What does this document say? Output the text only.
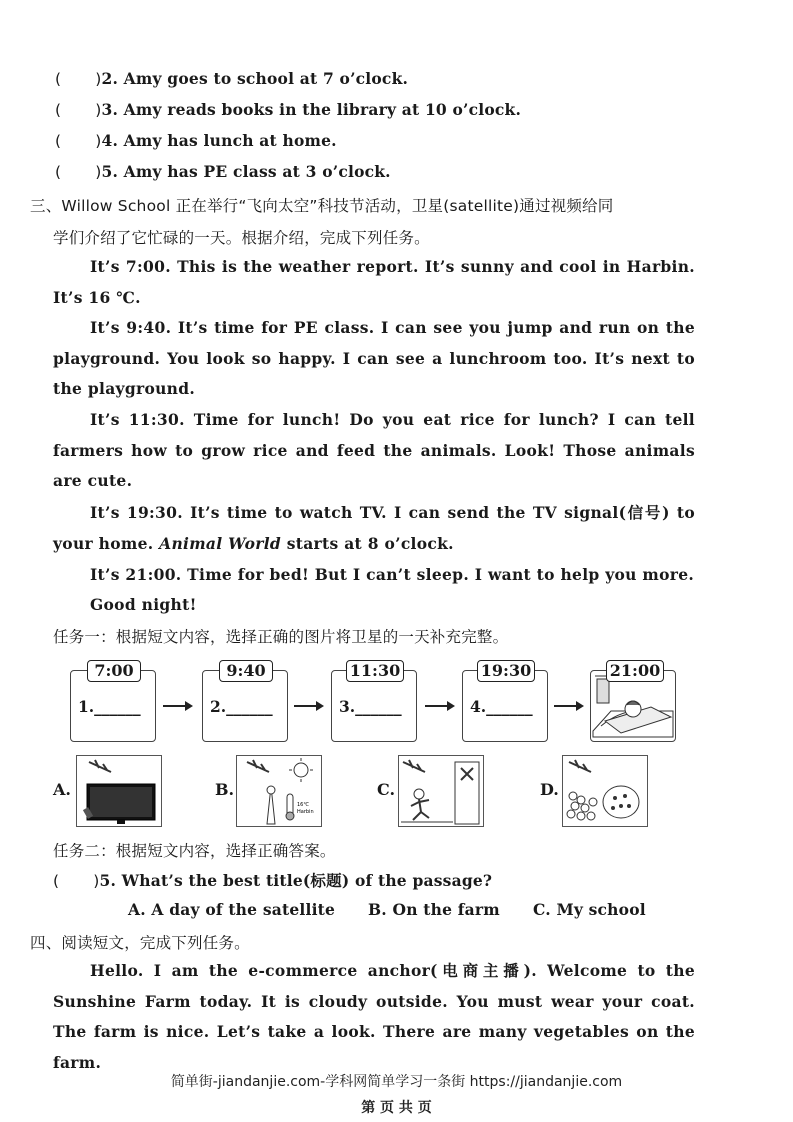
( )2. Amy goes to school at 7 o’clock.
( )3. Amy reads books in the library at 10 o’clock.
( )4. Amy has lunch at home.
( )5. Amy has PE class at 3 o’clock.
三、Willow School 正在举行“飞向太空”科技节活动，卫星(satellite)通过视频给同
学们介绍了它忙碌的一天。根据介绍，完成下列任务。
It’s 7:00. This is the weather report. It’s sunny and cool in Harbin. It’s 16 ℃.
It’s 9:40. It’s time for PE class. I can see you jump and run on the playground. You look so happy. I can see a lunchroom too. It’s next to the playground.
It’s 11:30. Time for lunch! Do you eat rice for lunch? I can tell farmers how to grow rice and feed the animals. Look! Those animals are cute.
It’s 19:30. It’s time to watch TV. I can send the TV signal(信号) to your home. Animal World starts at 8 o’clock.
It’s 21:00. Time for bed! But I can’t sleep. I want to help you more.
Good night!
任务一：根据短文内容，选择正确的图片将卫星的一天补充完整。
7:00
1.______
9:40
2.______
11:30
3.______
19:30
4.______
21:00
A.	B.
16℃
Harbin
C.	D.
任务二：根据短文内容，选择正确答案。
( )5. What’s the best title(标题) of the passage?
A. A day of the satellite B. On the farm C. My school
四、阅读短文，完成下列任务。
Hello. I am the e-commerce anchor(电商主播). Welcome to the Sunshine Farm today. It is cloudy outside. You must wear your coat. The farm is nice. Let’s take a look. There are many vegetables on the farm.
简单街-jiandanjie.com-学科网简单学习一条街 https://jiandanjie.com
第 页 共 页
